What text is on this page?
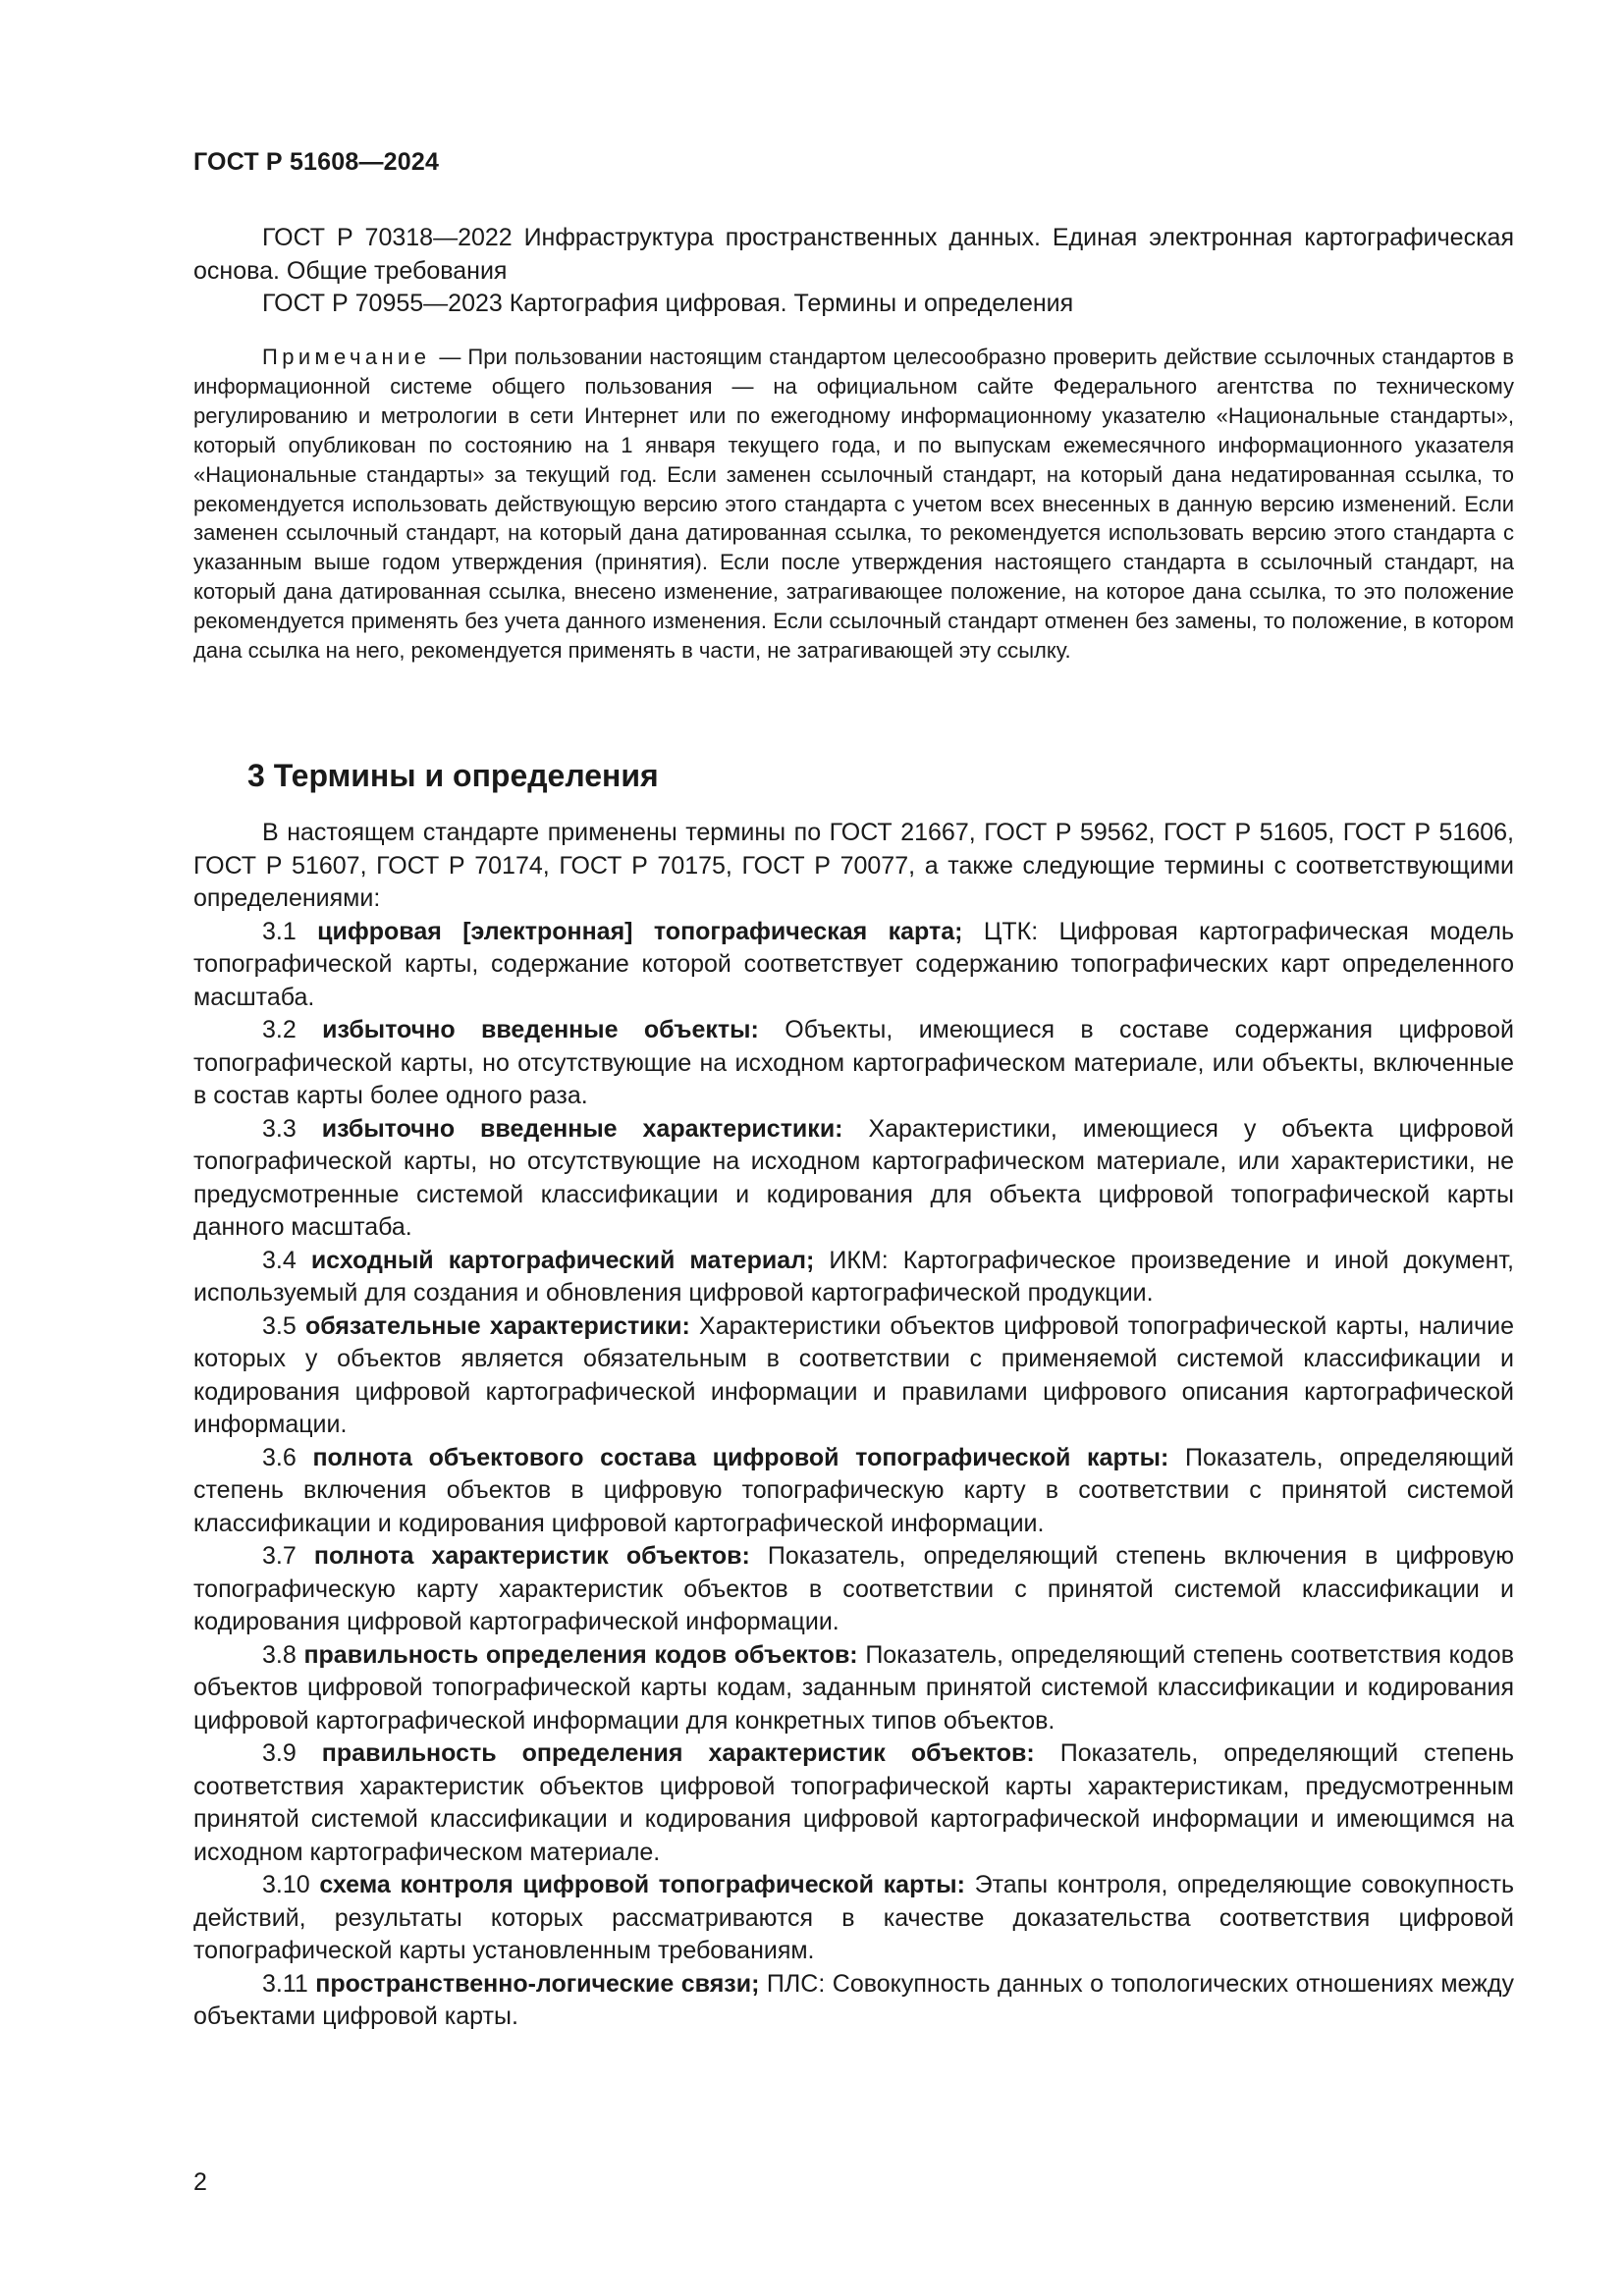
ГОСТ Р 51608—2024

ГОСТ Р 70318—2022 Инфраструктура пространственных данных. Единая электронная картографическая основа. Общие требования

ГОСТ Р 70955—2023 Картография цифровая. Термины и определения

Примечание — При пользовании настоящим стандартом целесообразно проверить действие ссылочных стандартов в информационной системе общего пользования — на официальном сайте Федерального агентства по техническому регулированию и метрологии в сети Интернет или по ежегодному информационному указателю «Национальные стандарты», который опубликован по состоянию на 1 января текущего года, и по выпускам ежемесячного информационного указателя «Национальные стандарты» за текущий год. Если заменен ссылочный стандарт, на который дана недатированная ссылка, то рекомендуется использовать действующую версию этого стандарта с учетом всех внесенных в данную версию изменений. Если заменен ссылочный стандарт, на который дана датированная ссылка, то рекомендуется использовать версию этого стандарта с указанным выше годом утверждения (принятия). Если после утверждения настоящего стандарта в ссылочный стандарт, на который дана датированная ссылка, внесено изменение, затрагивающее положение, на которое дана ссылка, то это положение рекомендуется применять без учета данного изменения. Если ссылочный стандарт отменен без замены, то положение, в котором дана ссылка на него, рекомендуется применять в части, не затрагивающей эту ссылку.
3 Термины и определения

В настоящем стандарте применены термины по ГОСТ 21667, ГОСТ Р 59562, ГОСТ Р 51605, ГОСТ Р 51606, ГОСТ Р 51607, ГОСТ Р 70174, ГОСТ Р 70175, ГОСТ Р 70077, а также следующие термины с соответствующими определениями:

3.1 цифровая [электронная] топографическая карта; ЦТК: Цифровая картографическая модель топографической карты, содержание которой соответствует содержанию топографических карт определенного масштаба.

3.2 избыточно введенные объекты: Объекты, имеющиеся в составе содержания цифровой топографической карты, но отсутствующие на исходном картографическом материале, или объекты, включенные в состав карты более одного раза.

3.3 избыточно введенные характеристики: Характеристики, имеющиеся у объекта цифровой топографической карты, но отсутствующие на исходном картографическом материале, или характеристики, не предусмотренные системой классификации и кодирования для объекта цифровой топографической карты данного масштаба.

3.4 исходный картографический материал; ИКМ: Картографическое произведение и иной документ, используемый для создания и обновления цифровой картографической продукции.

3.5 обязательные характеристики: Характеристики объектов цифровой топографической карты, наличие которых у объектов является обязательным в соответствии с применяемой системой классификации и кодирования цифровой картографической информации и правилами цифрового описания картографической информации.

3.6 полнота объектового состава цифровой топографической карты: Показатель, определяющий степень включения объектов в цифровую топографическую карту в соответствии с принятой системой классификации и кодирования цифровой картографической информации.

3.7 полнота характеристик объектов: Показатель, определяющий степень включения в цифровую топографическую карту характеристик объектов в соответствии с принятой системой классификации и кодирования цифровой картографической информации.

3.8 правильность определения кодов объектов: Показатель, определяющий степень соответствия кодов объектов цифровой топографической карты кодам, заданным принятой системой классификации и кодирования цифровой картографической информации для конкретных типов объектов.

3.9 правильность определения характеристик объектов: Показатель, определяющий степень соответствия характеристик объектов цифровой топографической карты характеристикам, предусмотренным принятой системой классификации и кодирования цифровой картографической информации и имеющимся на исходном картографическом материале.

3.10 схема контроля цифровой топографической карты: Этапы контроля, определяющие совокупность действий, результаты которых рассматриваются в качестве доказательства соответствия цифровой топографической карты установленным требованиям.

3.11 пространственно-логические связи; ПЛС: Совокупность данных о топологических отношениях между объектами цифровой карты.

2
